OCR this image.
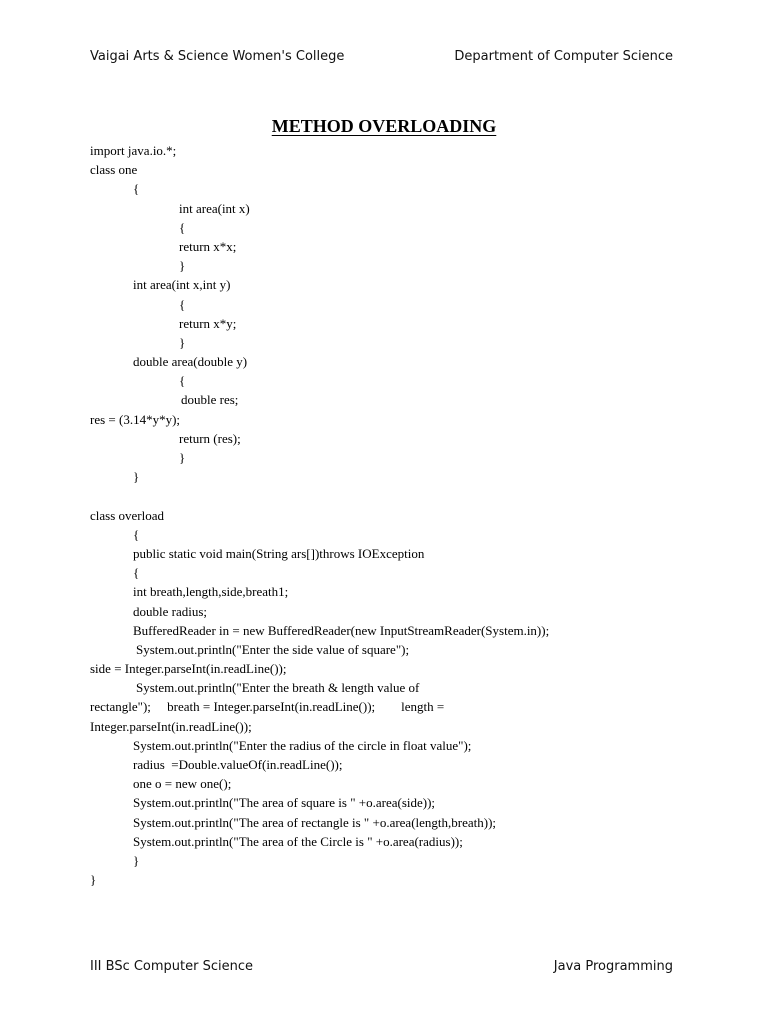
Vaigai Arts & Science Women's College	Department of Computer Science
METHOD OVERLOADING
import java.io.*;
class one
{
int area(int x)
{
return x*x;
}
int area(int x,int y)
{
return x*y;
}
double area(double y)
{
double res;
res = (3.14*y*y);
return (res);
}
}
class overload
{
public static void main(String ars[])throws IOException
{
int breath,length,side,breath1;
double radius;
BufferedReader in = new BufferedReader(new InputStreamReader(System.in));
System.out.println("Enter the side value of square");
side = Integer.parseInt(in.readLine());
System.out.println("Enter the breath & length value of
rectangle");     breath = Integer.parseInt(in.readLine());        length =
Integer.parseInt(in.readLine());
System.out.println("Enter the radius of the circle in float value");
radius  =Double.valueOf(in.readLine());
one o = new one();
System.out.println("The area of square is " +o.area(side));
System.out.println("The area of rectangle is " +o.area(length,breath));
System.out.println("The area of the Circle is " +o.area(radius));
}
}
III BSc Computer Science	Java Programming
